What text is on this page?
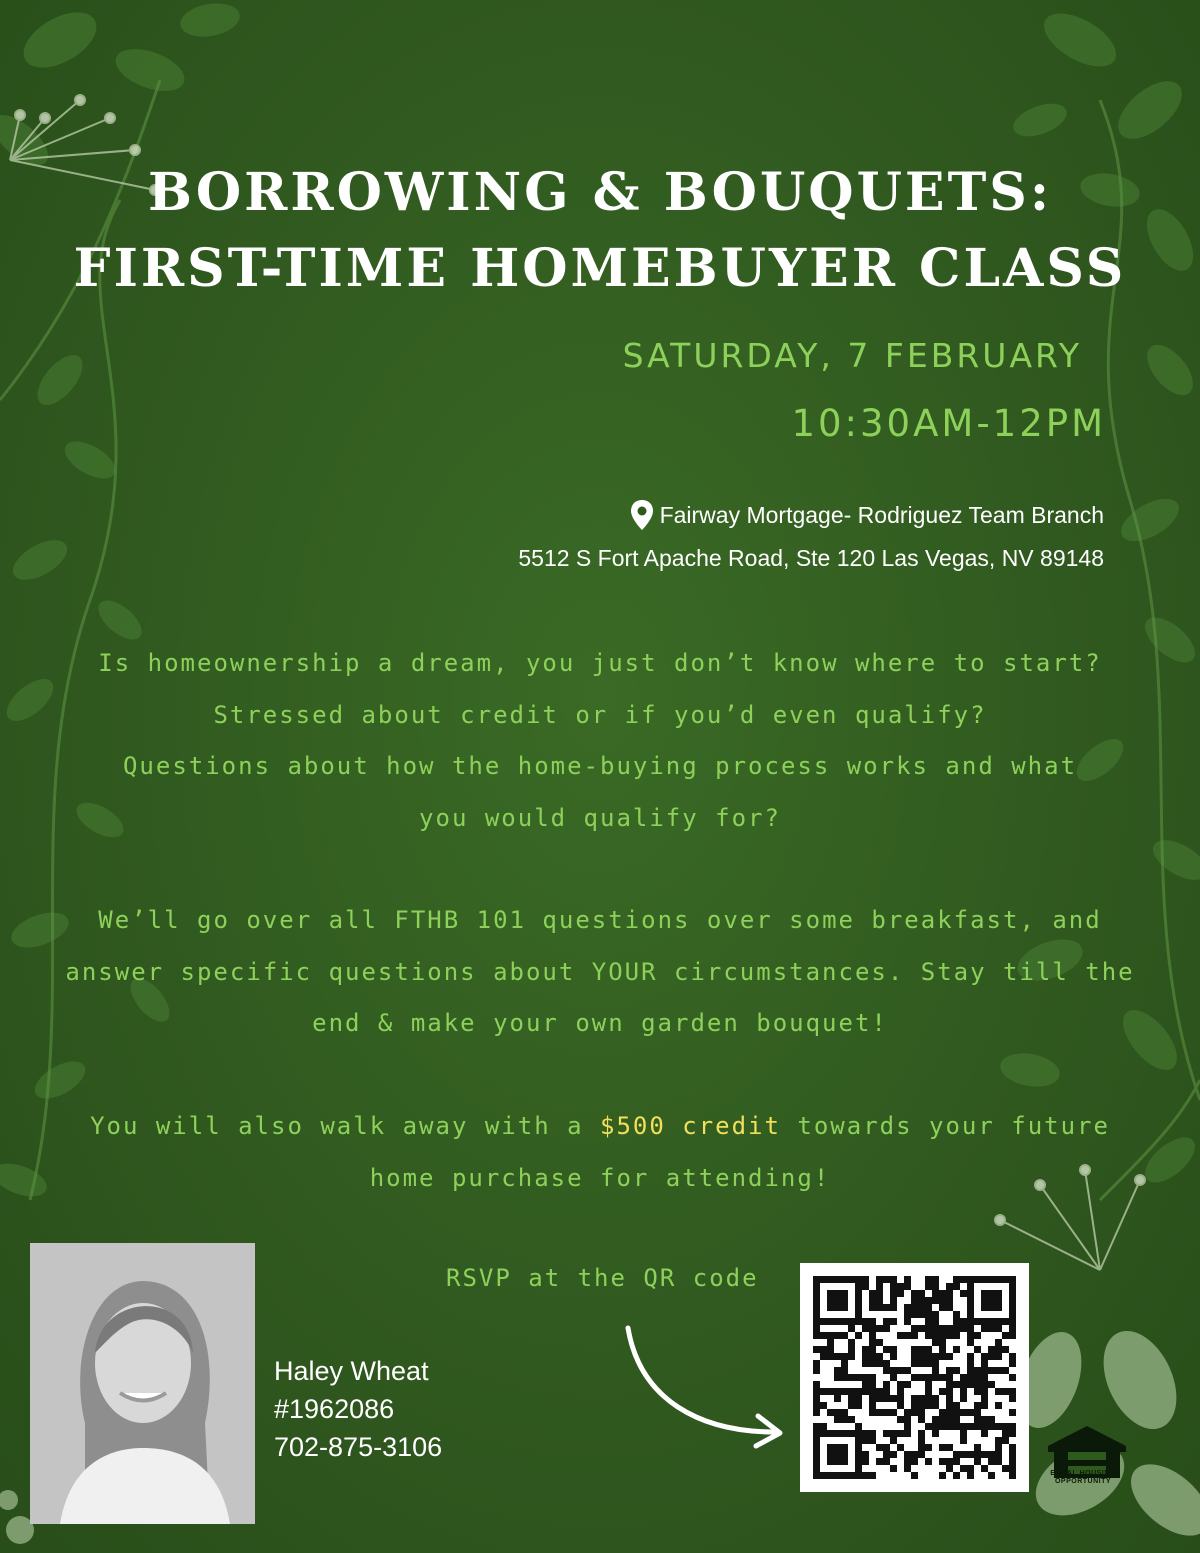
BORROWING & BOUQUETS:
FIRST-TIME HOMEBUYER CLASS
SATURDAY, 7 FEBRUARY
10:30AM-12PM
Fairway Mortgage- Rodriguez Team Branch
5512 S Fort Apache Road, Ste 120 Las Vegas, NV 89148
Is homeownership a dream, you just don’t know where to start?
Stressed about credit or if you’d even qualify?
Questions about how the home-buying process works and what
you would qualify for?
We’ll go over all FTHB 101 questions over some breakfast, and
answer specific questions about YOUR circumstances. Stay till the
end & make your own garden bouquet!
You will also walk away with a $500 credit towards your future
home purchase for attending!
RSVP at the QR code
Haley Wheat
#1962086
702-875-3106
EQUAL HOUSING
OPPORTUNITY
